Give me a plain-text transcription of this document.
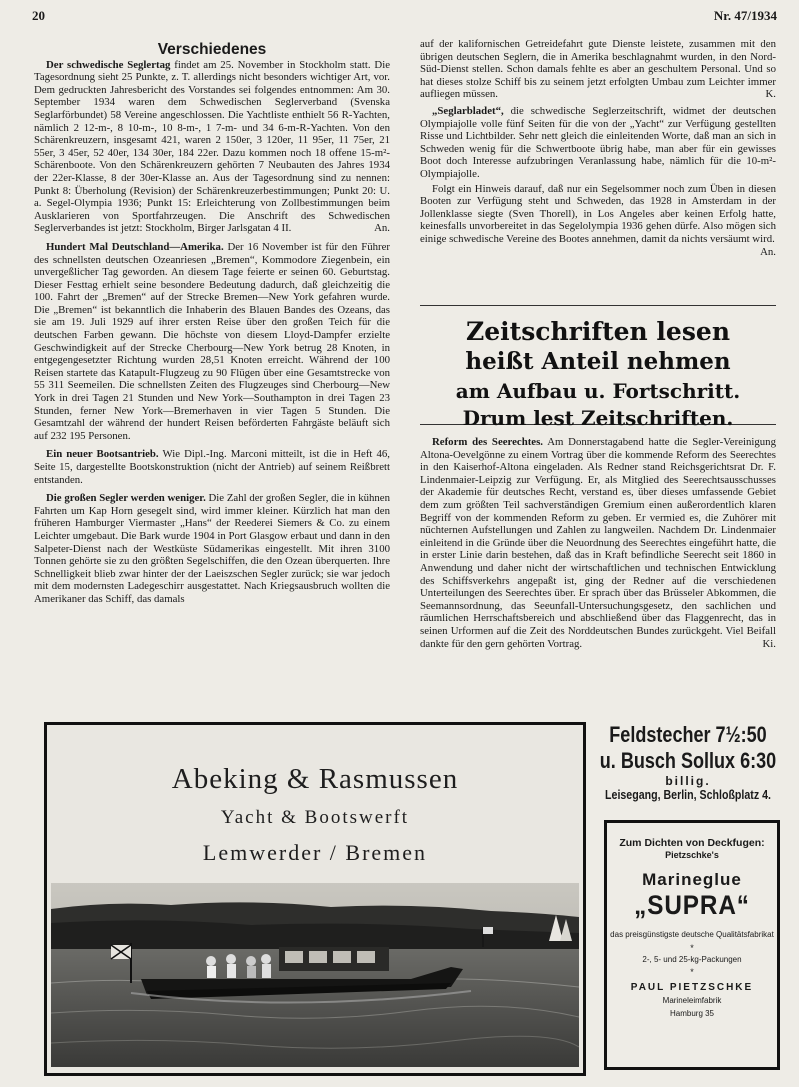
20	Nr. 47/1934

Verschiedenes

Der schwedische Seglertag findet am 25. November in Stockholm statt. Die Tagesordnung sieht 25 Punkte, z. T. allerdings nicht besonders wichtiger Art, vor. Dem gedruckten Jahresbericht des Vorstandes sei folgendes entnommen: Am 30. September 1934 waren dem Schwedischen Seglerverband (Svenska Seglarförbundet) 58 Vereine angeschlossen. Die Yachtliste enthielt 56 R-Yachten, nämlich 2 12-m-, 8 10-m-, 10 8-m-, 1 7-m- und 34 6-m-R-Yachten. Von den Schärenkreuzern, insgesamt 421, waren 2 150er, 3 120er, 11 95er, 11 75er, 21 55er, 3 45er, 52 40er, 134 30er, 184 22er. Dazu kommen noch 18 offene 15-m²-Schärenboote. Von den Schärenkreuzern gehörten 7 Neubauten des Jahres 1934 der 22er-Klasse, 8 der 30er-Klasse an. Aus der Tagesordnung sind zu nennen: Punkt 8: Überholung (Revision) der Schärenkreuzerbestimmungen; Punkt 20: U. a. Segel-Olympia 1936; Punkt 15: Erleichterung von Zollbestimmungen beim Ausklarieren von Sportfahrzeugen. Die Anschrift des Schwedischen Seglerverbandes ist jetzt: Stockholm, Birger Jarlsgatan 4 II.	An.

Hundert Mal Deutschland—Amerika. Der 16 November ist für den Führer des schnellsten deutschen Ozeanriesen „Bremen“, Kommodore Ziegenbein, ein unvergeßlicher Tag geworden. An diesem Tage feierte er seinen 60. Geburtstag. Dieser Festtag erhielt seine besondere Bedeutung dadurch, daß gleichzeitig die 100. Fahrt der „Bremen“ auf der Strecke Bremen—New York gefahren wurde. Die „Bremen“ ist bekanntlich die Inhaberin des Blauen Bandes des Ozeans, das sie am 19. Juli 1929 auf ihrer ersten Reise über den großen Teich für die deutschen Farben gewann. Die höchste von diesem Lloyd-Dampfer erzielte Geschwindigkeit auf der Strecke Cherbourg—New York betrug 28 Knoten, in entgegengesetzter Richtung wurden 28,51 Knoten erreicht. Während der 100 Reisen startete das Katapult-Flugzeug zu 90 Flügen über eine Gesamtstrecke von 55 311 Seemeilen. Die schnellsten Zeiten des Flugzeuges sind Cherbourg—New York in drei Tagen 21 Stunden und New York—Southampton in drei Tagen 23 Stunden, ferner New York—Bremerhaven in vier Tagen 5 Stunden. Die Gesamtzahl der während der hundert Reisen beförderten Fahrgäste beläuft sich auf 232 195 Personen.

Ein neuer Bootsantrieb. Wie Dipl.-Ing. Marconi mitteilt, ist die in Heft 46, Seite 15, dargestellte Bootskonstruktion (nicht der Antrieb) auf seinem Reißbrett entstanden.

Die großen Segler werden weniger. Die Zahl der großen Segler, die in kühnen Fahrten um Kap Horn gesegelt sind, wird immer kleiner. Kürzlich hat man den früheren Hamburger Viermaster „Hans“ der Reederei Siemers & Co. zu einem Leichter umgebaut. Die Bark wurde 1904 in Port Glasgow erbaut und dann in den Salpeter-Dienst nach der Westküste Südamerikas eingestellt. Mit ihren 3100 Tonnen gehörte sie zu den größten Segelschiffen, die den Ozean überquerten. Ihre Schnelligkeit blieb zwar hinter der der Laeiszschen Segler zurück; sie war jedoch mit dem modernsten Ladegeschirr ausgestattet. Nach Kriegsausbruch wollten die Amerikaner das Schiff, das damals

auf der kalifornischen Getreidefahrt gute Dienste leistete, zusammen mit den übrigen deutschen Seglern, die in Amerika beschlagnahmt wurden, in den Nord-Süd-Dienst stellen. Schon damals fehlte es aber an geschultem Personal. Und so hat dieses stolze Schiff bis zu seinem jetzt erfolgten Umbau zum Leichter immer aufliegen müssen.	K.

„Seglarbladet“, die schwedische Seglerzeitschrift, widmet der deutschen Olympiajolle volle fünf Seiten für die von der „Yacht“ zur Verfügung gestellten Risse und Lichtbilder. Sehr nett gleich die einleitenden Worte, daß man an sich in Schweden wenig für die Schwertboote übrig habe, man aber für ein gewisses Boot doch Interesse aufzubringen Veranlassung habe, nämlich für die 10-m²-Olympiajolle.

Folgt ein Hinweis darauf, daß nur ein Segelsommer noch zum Üben in diesen Booten zur Verfügung steht und Schweden, das 1928 in Amsterdam in der Jollenklasse siegte (Sven Thorell), in Los Angeles aber keinen Erfolg hatte, keinesfalls unvorbereitet in das Segelolympia 1936 gehen dürfe. Also mögen sich einige schwedische Vereine des Bootes annehmen, damit da nichts versäumt wird.
An.

Zeitschriften lesen
heißt Anteil nehmen
am Aufbau u. Fortschritt.
Drum lest Zeitschriften.

Reform des Seerechtes. Am Donnerstagabend hatte die Segler-Vereinigung Altona-Oevelgönne zu einem Vortrag über die kommende Reform des Seerechtes in den Kaiserhof-Altona eingeladen. Als Redner stand Reichsgerichtsrat Dr. F. Lindenmaier-Leipzig zur Verfügung. Er, als Mitglied des Seerechtsausschusses der Akademie für deutsches Recht, verstand es, über dieses umfassende Gebiet dem zum größten Teil sachverständigen Gremium einen außerordentlich klaren Begriff von der kommenden Reform zu geben. Er vermied es, die Zuhörer mit nüchternen Aufstellungen und Zahlen zu langweilen. Nachdem Dr. Lindenmaier einleitend in die Gründe über die Neuordnung des Seerechtes eingeführt hatte, die in erster Linie darin bestehen, daß das in Kraft befindliche Seerecht seit 1860 in Anwendung und daher nicht der wirtschaftlichen und technischen Entwicklung des Schiffsverkehrs angepaßt ist, ging der Redner auf die verschiedenen Unterteilungen des Seerechtes über. Er sprach über das Brüsseler Abkommen, die Seemannsordnung, das Seeunfall-Untersuchungsgesetz, den sachlichen und räumlichen Herrschaftsbereich und abschließend über das Flaggenrecht, das in seinen Urformen auf die Zeit des Norddeutschen Bundes zurückgeht. Viel Beifall dankte für den gern gehörten Vortrag.	Ki.

Abeking & Rasmussen
Yacht & Bootswerft
Lemwerder / Bremen
Feldstecher 7½:50
u. Busch Sollux 6:30
billig.
Leisegang, Berlin, Schloßplatz 4.
Zum Dichten von Deckfugen:
Pietzschke's
Marineglue
„SUPRA“
das preisgünstigste deutsche Qualitätsfabrikat
*
2-, 5- und 25-kg-Packungen
*
PAUL PIETZSCHKE
Marineleimfabrik
Hamburg 35
